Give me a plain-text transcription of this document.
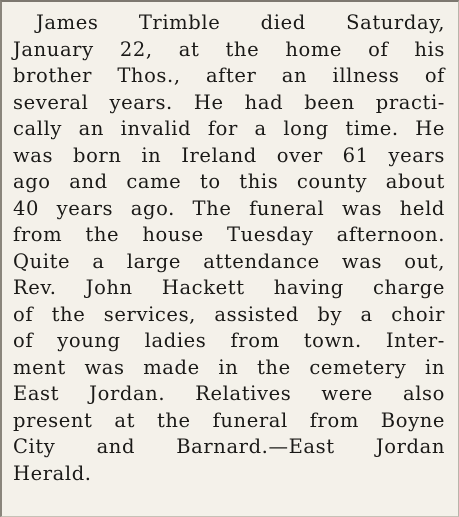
James Trimble died Saturday,
January 22, at the home of his
brother Thos., after an illness of
several years. He had been practi-
cally an invalid for a long time. He
was born in Ireland over 61 years
ago and came to this county about
40 years ago. The funeral was held
from the house Tuesday afternoon.
Quite a large attendance was out,
Rev. John Hackett having charge
of the services, assisted by a choir
of young ladies from town. Inter-
ment was made in the cemetery in
East Jordan. Relatives were also
present at the funeral from Boyne
City and Barnard.—East Jordan
Herald.
